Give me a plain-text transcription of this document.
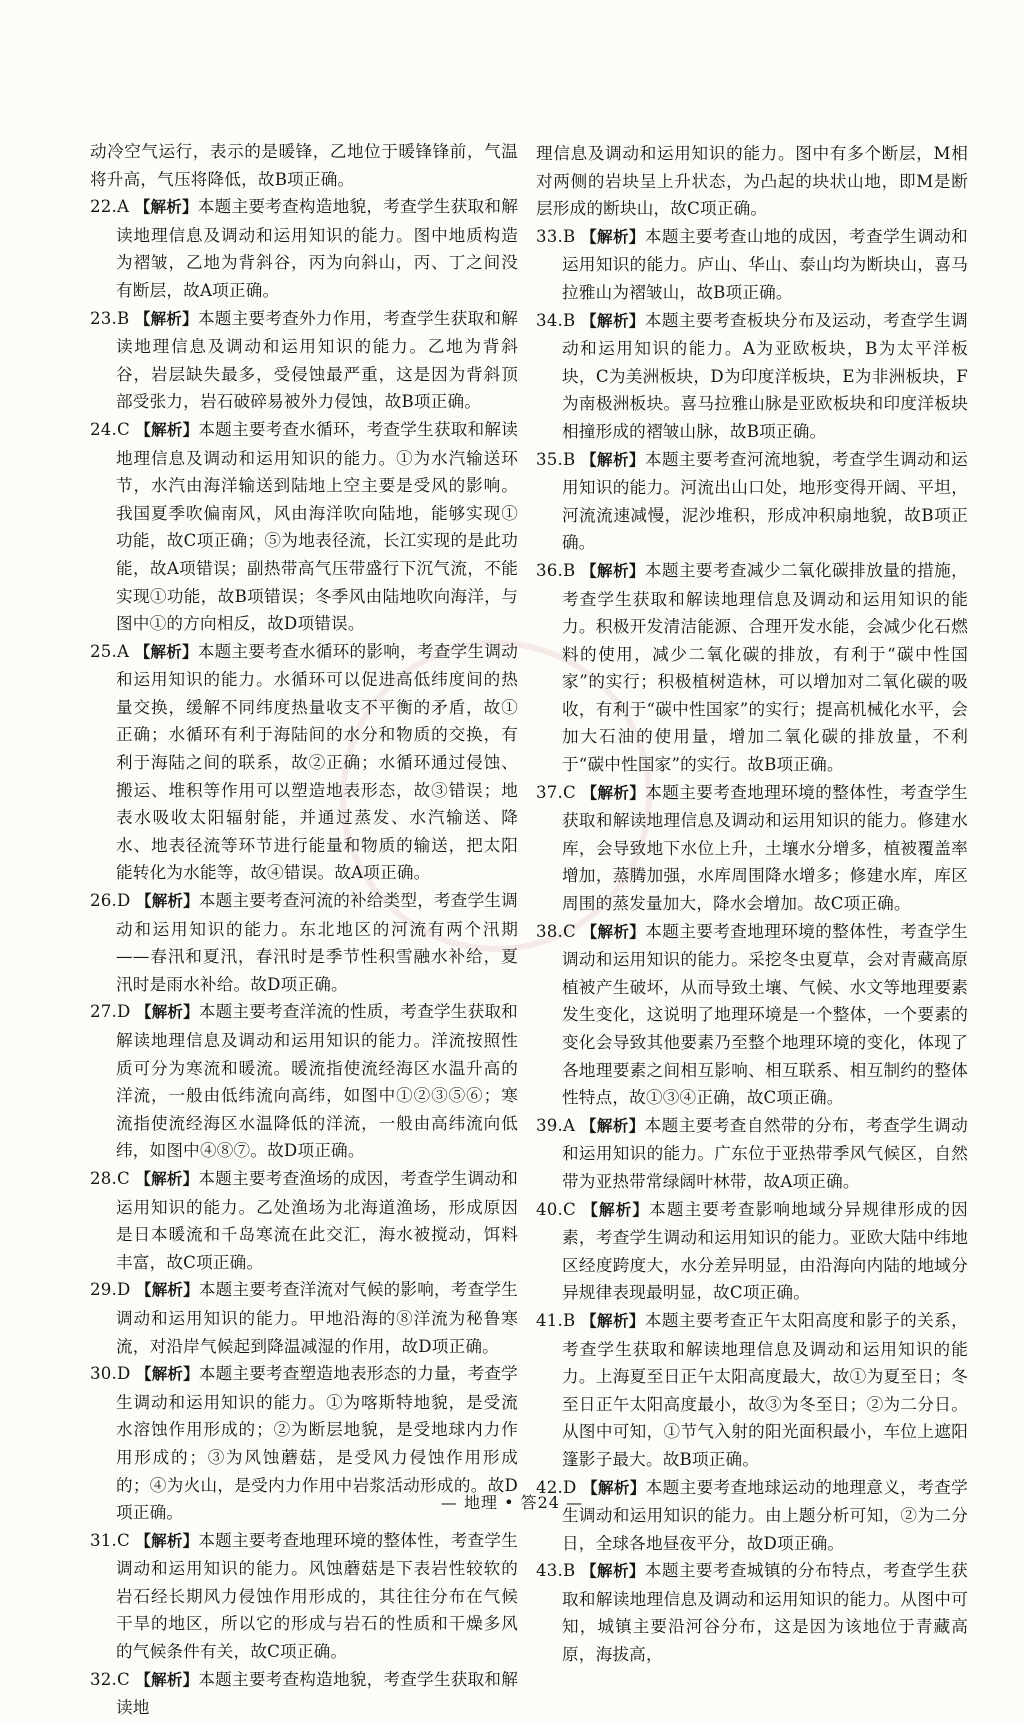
动冷空气运行，表示的是暖锋，乙地位于暖锋锋前，气温将升高，气压将降低，故B项正确。

22.A 【解析】本题主要考查构造地貌，考查学生获取和解读地理信息及调动和运用知识的能力。图中地质构造为褶皱，乙地为背斜谷，丙为向斜山，丙、丁之间没有断层，故A项正确。

23.B 【解析】本题主要考查外力作用，考查学生获取和解读地理信息及调动和运用知识的能力。乙地为背斜谷，岩层缺失最多，受侵蚀最严重，这是因为背斜顶部受张力，岩石破碎易被外力侵蚀，故B项正确。

24.C 【解析】本题主要考查水循环，考查学生获取和解读地理信息及调动和运用知识的能力。①为水汽输送环节，水汽由海洋输送到陆地上空主要是受风的影响。我国夏季吹偏南风，风由海洋吹向陆地，能够实现①功能，故C项正确；⑤为地表径流，长江实现的是此功能，故A项错误；副热带高气压带盛行下沉气流，不能实现①功能，故B项错误；冬季风由陆地吹向海洋，与图中①的方向相反，故D项错误。

25.A 【解析】本题主要考查水循环的影响，考查学生调动和运用知识的能力。水循环可以促进高低纬度间的热量交换，缓解不同纬度热量收支不平衡的矛盾，故①正确；水循环有利于海陆间的水分和物质的交换，有利于海陆之间的联系，故②正确；水循环通过侵蚀、搬运、堆积等作用可以塑造地表形态，故③错误；地表水吸收太阳辐射能，并通过蒸发、水汽输送、降水、地表径流等环节进行能量和物质的输送，把太阳能转化为水能等，故④错误。故A项正确。

26.D 【解析】本题主要考查河流的补给类型，考查学生调动和运用知识的能力。东北地区的河流有两个汛期——春汛和夏汛，春汛时是季节性积雪融水补给，夏汛时是雨水补给。故D项正确。

27.D 【解析】本题主要考查洋流的性质，考查学生获取和解读地理信息及调动和运用知识的能力。洋流按照性质可分为寒流和暖流。暖流指使流经海区水温升高的洋流，一般由低纬流向高纬，如图中①②③⑤⑥；寒流指使流经海区水温降低的洋流，一般由高纬流向低纬，如图中④⑧⑦。故D项正确。

28.C 【解析】本题主要考查渔场的成因，考查学生调动和运用知识的能力。乙处渔场为北海道渔场，形成原因是日本暖流和千岛寒流在此交汇，海水被搅动，饵料丰富，故C项正确。

29.D 【解析】本题主要考查洋流对气候的影响，考查学生调动和运用知识的能力。甲地沿海的⑧洋流为秘鲁寒流，对沿岸气候起到降温减湿的作用，故D项正确。

30.D 【解析】本题主要考查塑造地表形态的力量，考查学生调动和运用知识的能力。①为喀斯特地貌，是受流水溶蚀作用形成的；②为断层地貌，是受地球内力作用形成的；③为风蚀蘑菇，是受风力侵蚀作用形成的；④为火山，是受内力作用中岩浆活动形成的。故D项正确。

31.C 【解析】本题主要考查地理环境的整体性，考查学生调动和运用知识的能力。风蚀蘑菇是下表岩性较软的岩石经长期风力侵蚀作用形成的，其往往分布在气候干旱的地区，所以它的形成与岩石的性质和干燥多风的气候条件有关，故C项正确。

32.C 【解析】本题主要考查构造地貌，考查学生获取和解读地

理信息及调动和运用知识的能力。图中有多个断层，M相对两侧的岩块呈上升状态，为凸起的块状山地，即M是断层形成的断块山，故C项正确。

33.B 【解析】本题主要考查山地的成因，考查学生调动和运用知识的能力。庐山、华山、泰山均为断块山，喜马拉雅山为褶皱山，故B项正确。

34.B 【解析】本题主要考查板块分布及运动，考查学生调动和运用知识的能力。A为亚欧板块，B为太平洋板块，C为美洲板块，D为印度洋板块，E为非洲板块，F为南极洲板块。喜马拉雅山脉是亚欧板块和印度洋板块相撞形成的褶皱山脉，故B项正确。

35.B 【解析】本题主要考查河流地貌，考查学生调动和运用知识的能力。河流出山口处，地形变得开阔、平坦，河流流速减慢，泥沙堆积，形成冲积扇地貌，故B项正确。

36.B 【解析】本题主要考查减少二氧化碳排放量的措施，考查学生获取和解读地理信息及调动和运用知识的能力。积极开发清洁能源、合理开发水能，会减少化石燃料的使用，减少二氧化碳的排放，有利于“碳中性国家”的实行；积极植树造林，可以增加对二氧化碳的吸收，有利于“碳中性国家”的实行；提高机械化水平，会加大石油的使用量，增加二氧化碳的排放量，不利于“碳中性国家”的实行。故B项正确。

37.C 【解析】本题主要考查地理环境的整体性，考查学生获取和解读地理信息及调动和运用知识的能力。修建水库，会导致地下水位上升，土壤水分增多，植被覆盖率增加，蒸腾加强，水库周围降水增多；修建水库，库区周围的蒸发量加大，降水会增加。故C项正确。

38.C 【解析】本题主要考查地理环境的整体性，考查学生调动和运用知识的能力。采挖冬虫夏草，会对青藏高原植被产生破坏，从而导致土壤、气候、水文等地理要素发生变化，这说明了地理环境是一个整体，一个要素的变化会导致其他要素乃至整个地理环境的变化，体现了各地理要素之间相互影响、相互联系、相互制约的整体性特点，故①③④正确，故C项正确。

39.A 【解析】本题主要考查自然带的分布，考查学生调动和运用知识的能力。广东位于亚热带季风气候区，自然带为亚热带常绿阔叶林带，故A项正确。

40.C 【解析】本题主要考查影响地域分异规律形成的因素，考查学生调动和运用知识的能力。亚欧大陆中纬地区经度跨度大，水分差异明显，由沿海向内陆的地域分异规律表现最明显，故C项正确。

41.B 【解析】本题主要考查正午太阳高度和影子的关系，考查学生获取和解读地理信息及调动和运用知识的能力。上海夏至日正午太阳高度最大，故①为夏至日；冬至日正午太阳高度最小，故③为冬至日；②为二分日。从图中可知，①节气入射的阳光面积最小，车位上遮阳篷影子最大。故B项正确。

42.D 【解析】本题主要考查地球运动的地理意义，考查学生调动和运用知识的能力。由上题分析可知，②为二分日，全球各地昼夜平分，故D项正确。

43.B 【解析】本题主要考查城镇的分布特点，考查学生获取和解读地理信息及调动和运用知识的能力。从图中可知，城镇主要沿河谷分布，这是因为该地位于青藏高原，海拔高，

— 地理 • 答24 —
